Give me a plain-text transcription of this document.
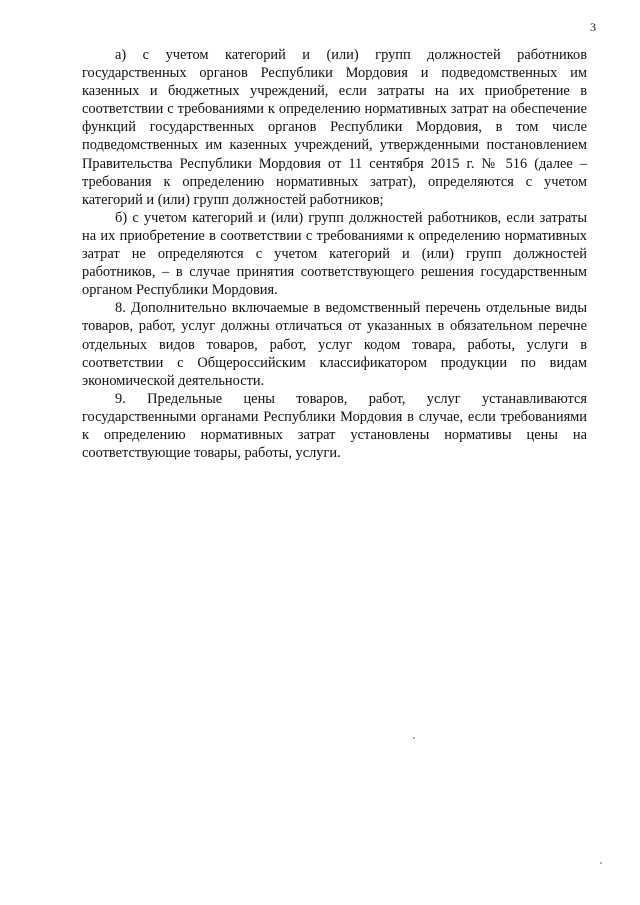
3

а) с учетом категорий и (или) групп должностей работников государственных органов Республики Мордовия и подведомственных им казенных и бюджетных учреждений, если затраты на их приобретение в соответствии с требованиями к определению нормативных затрат на обеспечение функций государственных органов Республики Мордовия, в том числе подведомственных им казенных учреждений, утвержденными постановлением Правительства Республики Мордовия от 11 сентября 2015 г. № 516 (далее – требования к определению нормативных затрат), определяются с учетом категорий и (или) групп должностей работников;

б) с учетом категорий и (или) групп должностей работников, если затраты на их приобретение в соответствии с требованиями к определению нормативных затрат не определяются с учетом категорий и (или) групп должностей работников, – в случае принятия соответствующего решения государственным органом Республики Мордовия.

8. Дополнительно включаемые в ведомственный перечень отдельные виды товаров, работ, услуг должны отличаться от указанных в обязательном перечне отдельных видов товаров, работ, услуг кодом товара, работы, услуги в соответствии с Общероссийским классификатором продукции по видам экономической деятельности.

9. Предельные цены товаров, работ, услуг устанавливаются государственными органами Республики Мордовия в случае, если требованиями к определению нормативных затрат установлены нормативы цены на соответствующие товары, работы, услуги.
